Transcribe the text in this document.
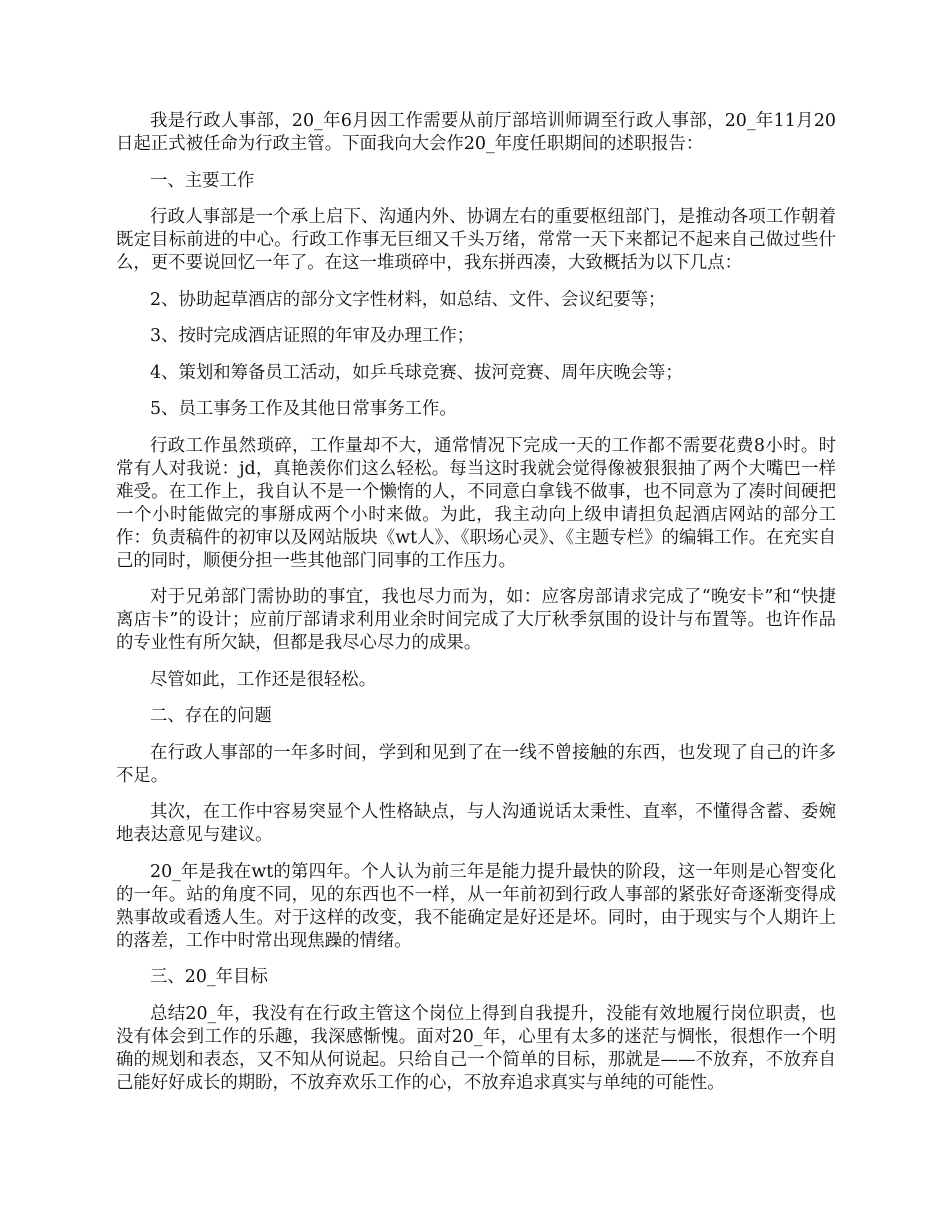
我是行政人事部，20_年6月因工作需要从前厅部培训师调至行政人事部，20_年11月20日起正式被任命为行政主管。下面我向大会作20_年度任职期间的述职报告：

一、主要工作

行政人事部是一个承上启下、沟通内外、协调左右的重要枢纽部门，是推动各项工作朝着既定目标前进的中心。行政工作事无巨细又千头万绪，常常一天下来都记不起来自己做过些什么，更不要说回忆一年了。在这一堆琐碎中，我东拼西凑，大致概括为以下几点：

2、协助起草酒店的部分文字性材料，如总结、文件、会议纪要等；

3、按时完成酒店证照的年审及办理工作；

4、策划和筹备员工活动，如乒乓球竞赛、拔河竞赛、周年庆晚会等；

5、员工事务工作及其他日常事务工作。

行政工作虽然琐碎，工作量却不大，通常情况下完成一天的工作都不需要花费8小时。时常有人对我说：jd，真艳羡你们这么轻松。每当这时我就会觉得像被狠狠抽了两个大嘴巴一样难受。在工作上，我自认不是一个懒惰的人，不同意白拿钱不做事，也不同意为了凑时间硬把一个小时能做完的事掰成两个小时来做。为此，我主动向上级申请担负起酒店网站的部分工作：负责稿件的初审以及网站版块《wt人》、《职场心灵》、《主题专栏》的编辑工作。在充实自己的同时，顺便分担一些其他部门同事的工作压力。

对于兄弟部门需协助的事宜，我也尽力而为，如：应客房部请求完成了“晚安卡”和“快捷离店卡”的设计；应前厅部请求利用业余时间完成了大厅秋季氛围的设计与布置等。也许作品的专业性有所欠缺，但都是我尽心尽力的成果。

尽管如此，工作还是很轻松。

二、存在的问题

在行政人事部的一年多时间，学到和见到了在一线不曾接触的东西，也发现了自己的许多不足。

其次，在工作中容易突显个人性格缺点，与人沟通说话太秉性、直率，不懂得含蓄、委婉地表达意见与建议。

20_年是我在wt的第四年。个人认为前三年是能力提升最快的阶段，这一年则是心智变化的一年。站的角度不同，见的东西也不一样，从一年前初到行政人事部的紧张好奇逐渐变得成熟事故或看透人生。对于这样的改变，我不能确定是好还是坏。同时，由于现实与个人期许上的落差，工作中时常出现焦躁的情绪。

三、20_年目标

总结20_年，我没有在行政主管这个岗位上得到自我提升，没能有效地履行岗位职责，也没有体会到工作的乐趣，我深感惭愧。面对20_年，心里有太多的迷茫与惆怅，很想作一个明确的规划和表态，又不知从何说起。只给自己一个简单的目标，那就是——不放弃，不放弃自己能好好成长的期盼，不放弃欢乐工作的心，不放弃追求真实与单纯的可能性。
